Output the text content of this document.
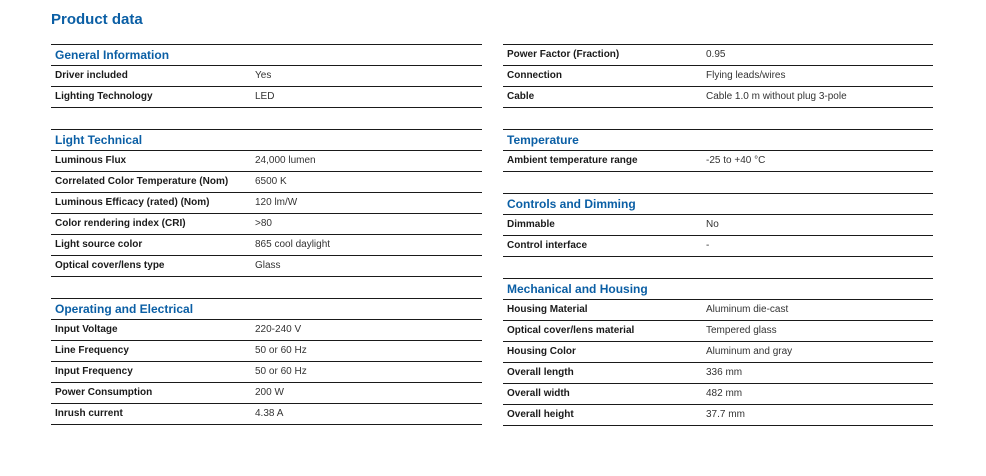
Product data
General Information
Driver included	Yes
Lighting Technology	LED
Light Technical
Luminous Flux	24,000 lumen
Correlated Color Temperature (Nom)	6500 K
Luminous Efficacy (rated) (Nom)	120 lm/W
Color rendering index (CRI)	>80
Light source color	865 cool daylight
Optical cover/lens type	Glass
Operating and Electrical
Input Voltage	220-240 V
Line Frequency	50 or 60 Hz
Input Frequency	50 or 60 Hz
Power Consumption	200 W
Inrush current	4.38 A
Power Factor (Fraction)	0.95
Connection	Flying leads/wires
Cable	Cable 1.0 m without plug 3-pole
Temperature
Ambient temperature range	-25 to +40 °C
Controls and Dimming
Dimmable	No
Control interface	-
Mechanical and Housing
Housing Material	Aluminum die-cast
Optical cover/lens material	Tempered glass
Housing Color	Aluminum and gray
Overall length	336 mm
Overall width	482 mm
Overall height	37.7 mm
